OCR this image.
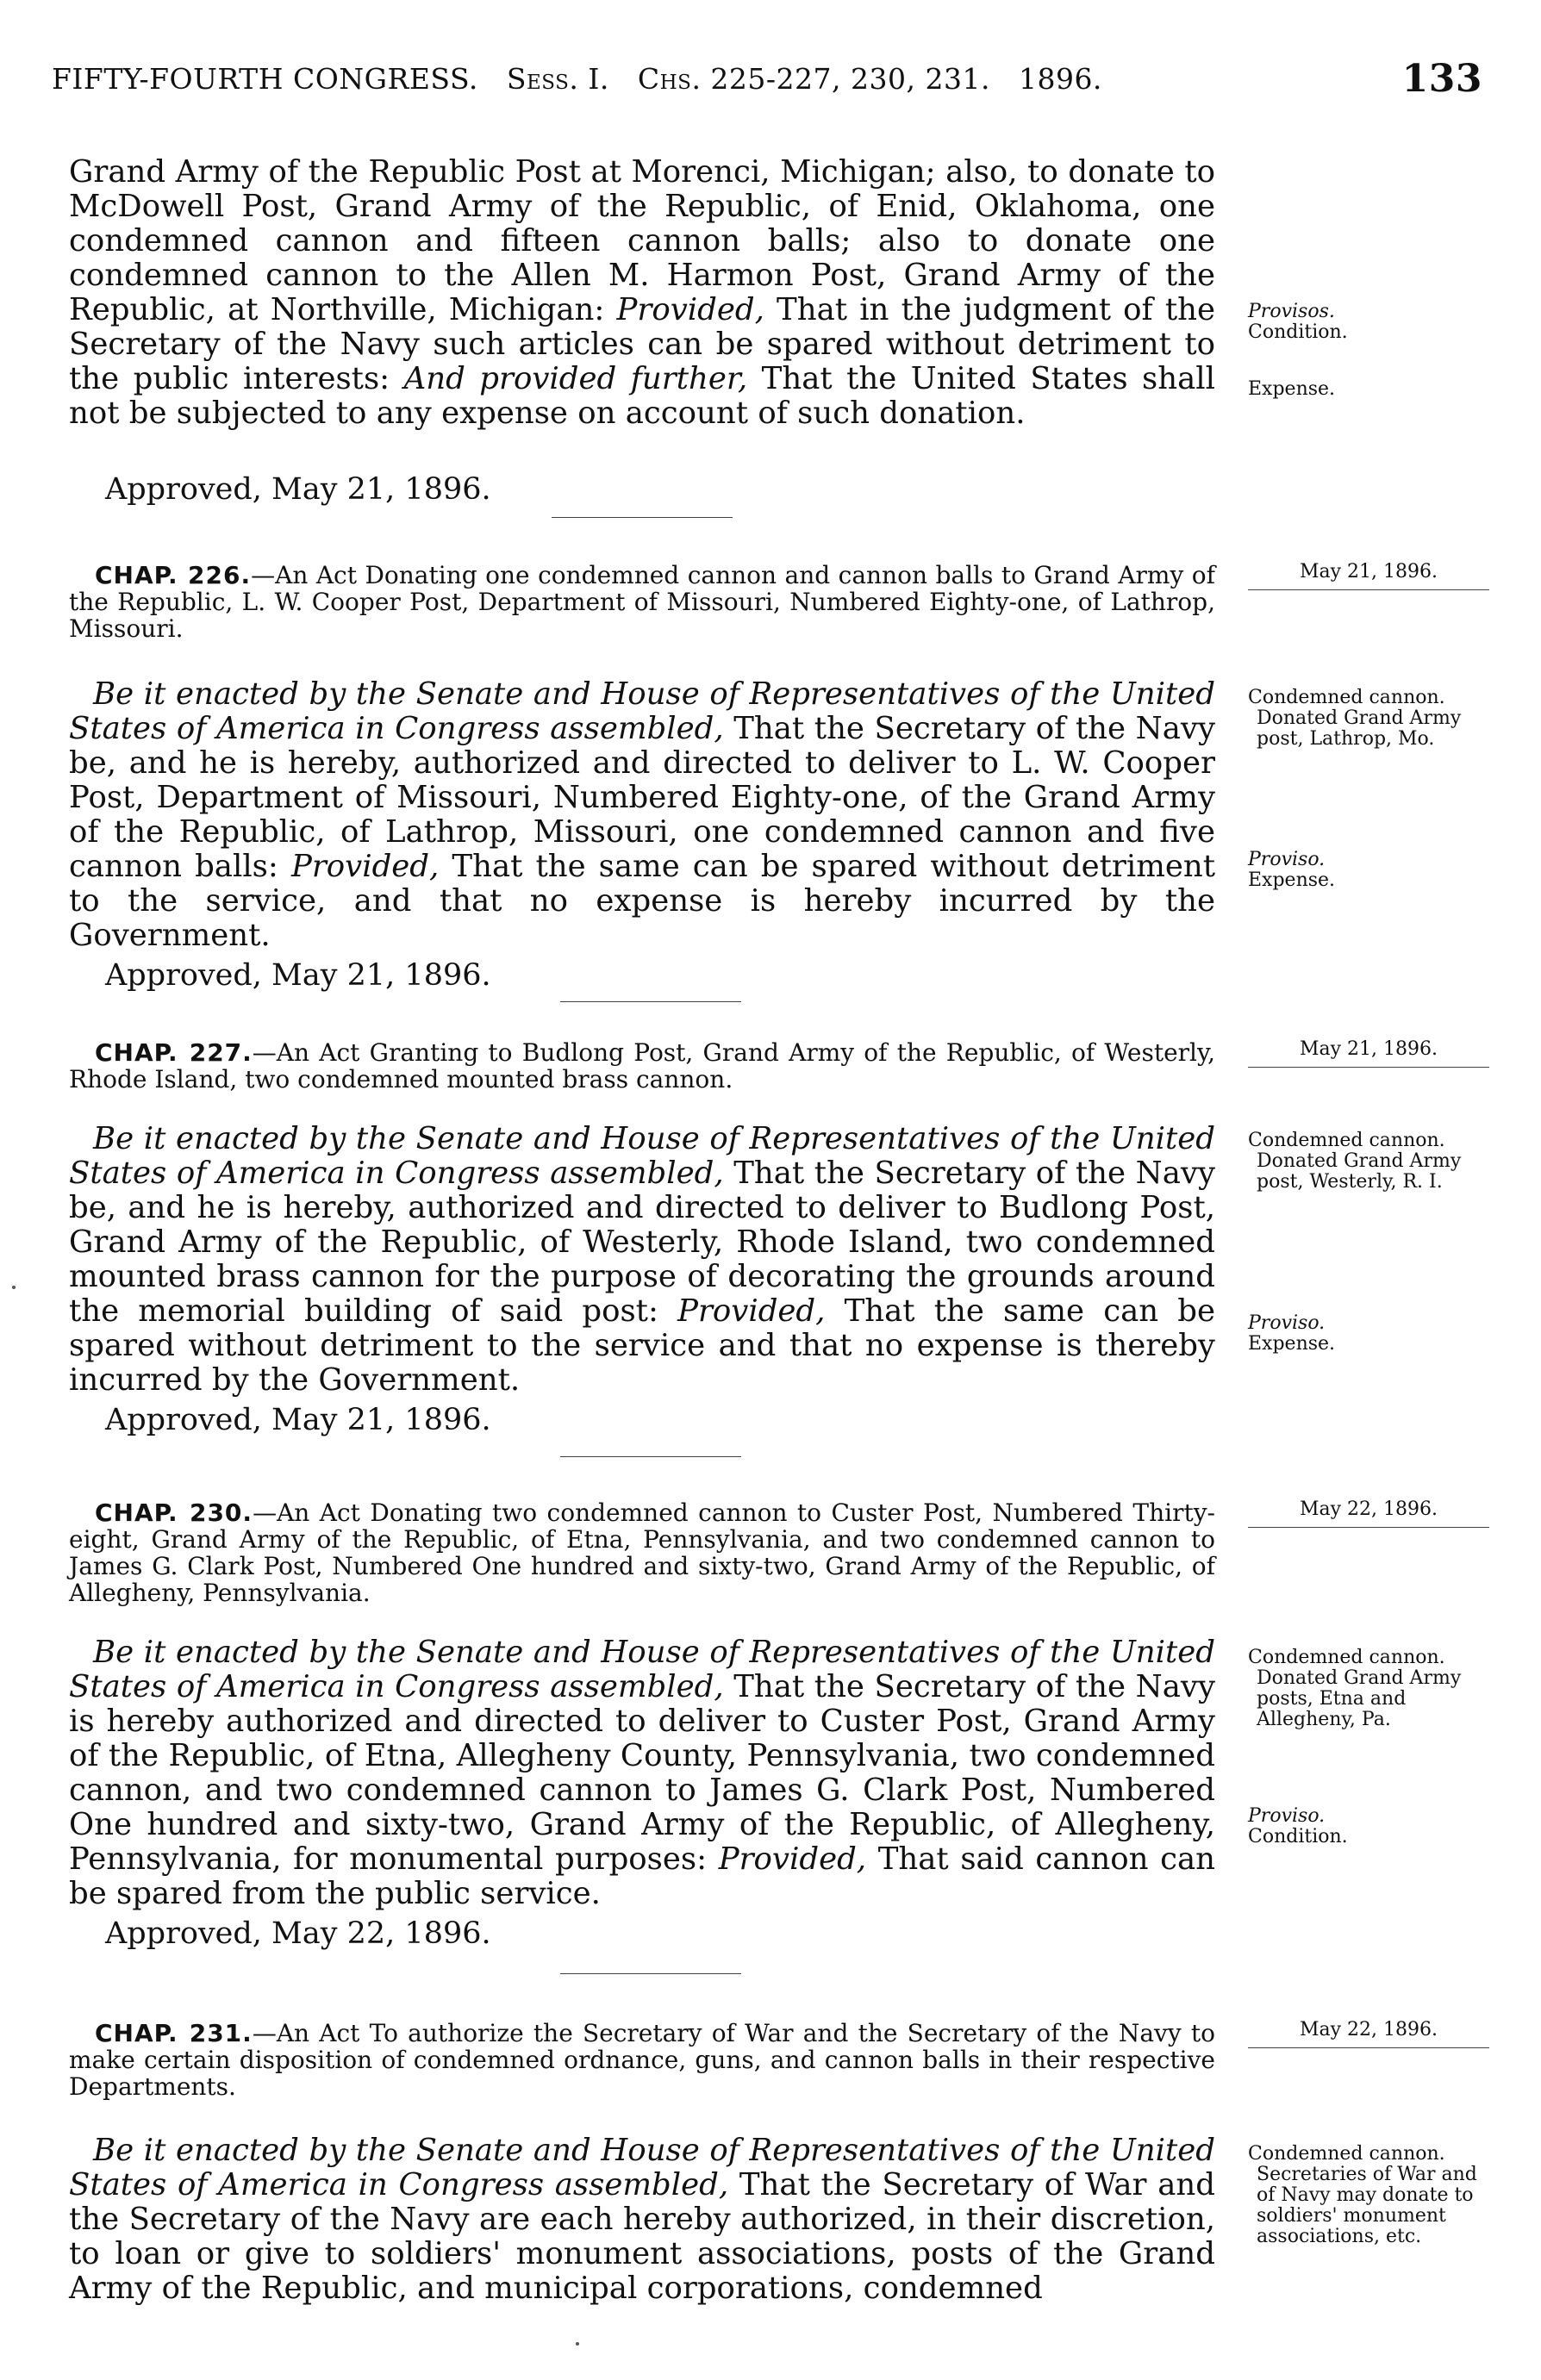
FIFTY-FOURTH CONGRESS. Sess. I. Chs. 225-227, 230, 231. 1896.	133
Grand Army of the Republic Post at Morenci, Michigan; also, to donate to McDowell Post, Grand Army of the Republic, of Enid, Oklahoma, one condemned cannon and fifteen cannon balls; also to donate one condemned cannon to the Allen M. Harmon Post, Grand Army of the Republic, at Northville, Michigan: Provided, That in the judgment of the Secretary of the Navy such articles can be spared without detriment to the public interests: And provided further, That the United States shall not be subjected to any expense on account of such donation.
Approved, May 21, 1896.
Provisos.
Condition.
Expense.
CHAP. 226.—An Act Donating one condemned cannon and cannon balls to Grand Army of the Republic, L. W. Cooper Post, Department of Missouri, Numbered Eighty-one, of Lathrop, Missouri.
May 21, 1896.
Be it enacted by the Senate and House of Representatives of the United States of America in Congress assembled, That the Secretary of the Navy be, and he is hereby, authorized and directed to deliver to L. W. Cooper Post, Department of Missouri, Numbered Eighty-one, of the Grand Army of the Republic, of Lathrop, Missouri, one condemned cannon and five cannon balls: Provided, That the same can be spared without detriment to the service, and that no expense is hereby incurred by the Government.
Approved, May 21, 1896.
Condemned cannon.
Donated Grand Army post, Lathrop, Mo.
Proviso.
Expense.
CHAP. 227.—An Act Granting to Budlong Post, Grand Army of the Republic, of Westerly, Rhode Island, two condemned mounted brass cannon.
May 21, 1896.
Be it enacted by the Senate and House of Representatives of the United States of America in Congress assembled, That the Secretary of the Navy be, and he is hereby, authorized and directed to deliver to Budlong Post, Grand Army of the Republic, of Westerly, Rhode Island, two condemned mounted brass cannon for the purpose of decorating the grounds around the memorial building of said post: Provided, That the same can be spared without detriment to the service and that no expense is thereby incurred by the Government.
Approved, May 21, 1896.
Condemned cannon.
Donated Grand Army post, Westerly, R. I.
Proviso.
Expense.
CHAP. 230.—An Act Donating two condemned cannon to Custer Post, Numbered Thirty-eight, Grand Army of the Republic, of Etna, Pennsylvania, and two condemned cannon to James G. Clark Post, Numbered One hundred and sixty-two, Grand Army of the Republic, of Allegheny, Pennsylvania.
May 22, 1896.
Be it enacted by the Senate and House of Representatives of the United States of America in Congress assembled, That the Secretary of the Navy is hereby authorized and directed to deliver to Custer Post, Grand Army of the Republic, of Etna, Allegheny County, Pennsylvania, two condemned cannon, and two condemned cannon to James G. Clark Post, Numbered One hundred and sixty-two, Grand Army of the Republic, of Allegheny, Pennsylvania, for monumental purposes: Provided, That said cannon can be spared from the public service.
Approved, May 22, 1896.
Condemned cannon.
Donated Grand Army posts, Etna and Allegheny, Pa.
Proviso.
Condition.
CHAP. 231.—An Act To authorize the Secretary of War and the Secretary of the Navy to make certain disposition of condemned ordnance, guns, and cannon balls in their respective Departments.
May 22, 1896.
Be it enacted by the Senate and House of Representatives of the United States of America in Congress assembled, That the Secretary of War and the Secretary of the Navy are each hereby authorized, in their discretion, to loan or give to soldiers' monument associations, posts of the Grand Army of the Republic, and municipal corporations, condemned
Condemned cannon.
Secretaries of War and of Navy may donate to soldiers' monument associations, etc.
